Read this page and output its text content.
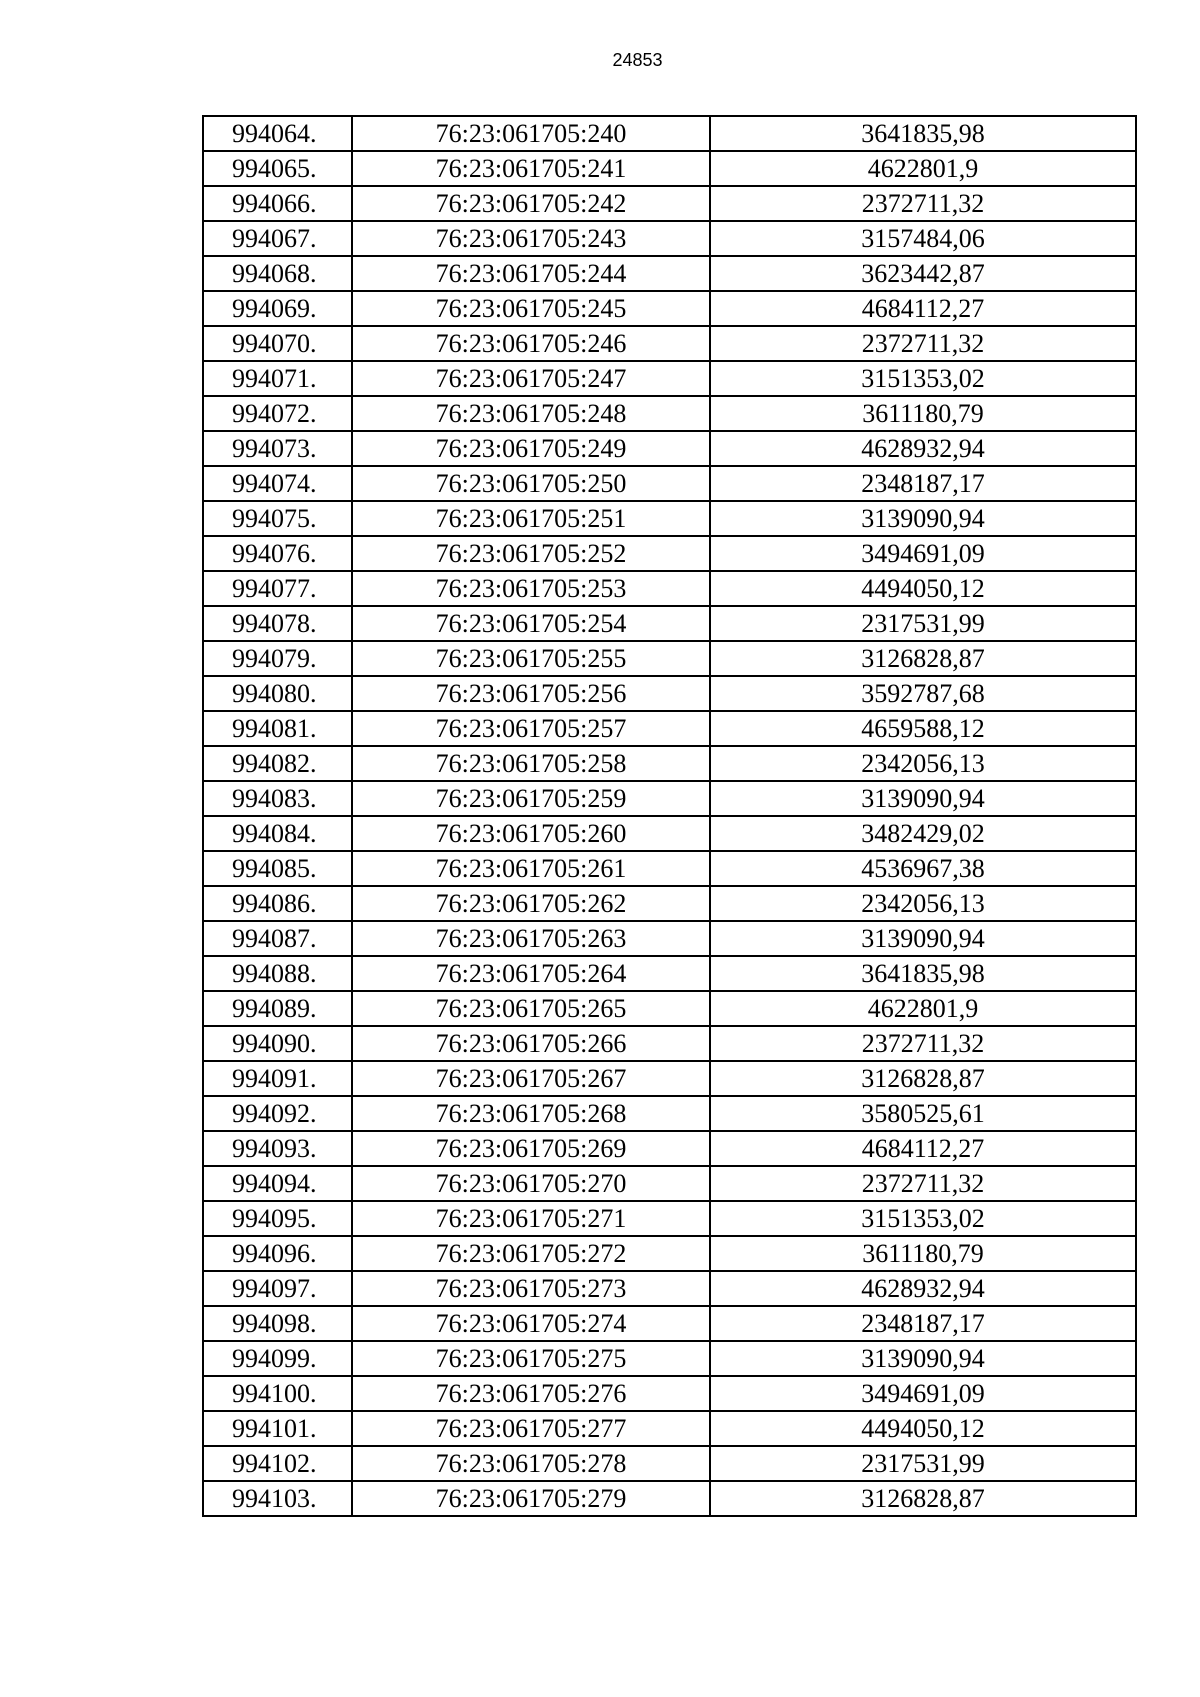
24853
994064.	76:23:061705:240	3641835,98
994065.	76:23:061705:241	4622801,9
994066.	76:23:061705:242	2372711,32
994067.	76:23:061705:243	3157484,06
994068.	76:23:061705:244	3623442,87
994069.	76:23:061705:245	4684112,27
994070.	76:23:061705:246	2372711,32
994071.	76:23:061705:247	3151353,02
994072.	76:23:061705:248	3611180,79
994073.	76:23:061705:249	4628932,94
994074.	76:23:061705:250	2348187,17
994075.	76:23:061705:251	3139090,94
994076.	76:23:061705:252	3494691,09
994077.	76:23:061705:253	4494050,12
994078.	76:23:061705:254	2317531,99
994079.	76:23:061705:255	3126828,87
994080.	76:23:061705:256	3592787,68
994081.	76:23:061705:257	4659588,12
994082.	76:23:061705:258	2342056,13
994083.	76:23:061705:259	3139090,94
994084.	76:23:061705:260	3482429,02
994085.	76:23:061705:261	4536967,38
994086.	76:23:061705:262	2342056,13
994087.	76:23:061705:263	3139090,94
994088.	76:23:061705:264	3641835,98
994089.	76:23:061705:265	4622801,9
994090.	76:23:061705:266	2372711,32
994091.	76:23:061705:267	3126828,87
994092.	76:23:061705:268	3580525,61
994093.	76:23:061705:269	4684112,27
994094.	76:23:061705:270	2372711,32
994095.	76:23:061705:271	3151353,02
994096.	76:23:061705:272	3611180,79
994097.	76:23:061705:273	4628932,94
994098.	76:23:061705:274	2348187,17
994099.	76:23:061705:275	3139090,94
994100.	76:23:061705:276	3494691,09
994101.	76:23:061705:277	4494050,12
994102.	76:23:061705:278	2317531,99
994103.	76:23:061705:279	3126828,87
